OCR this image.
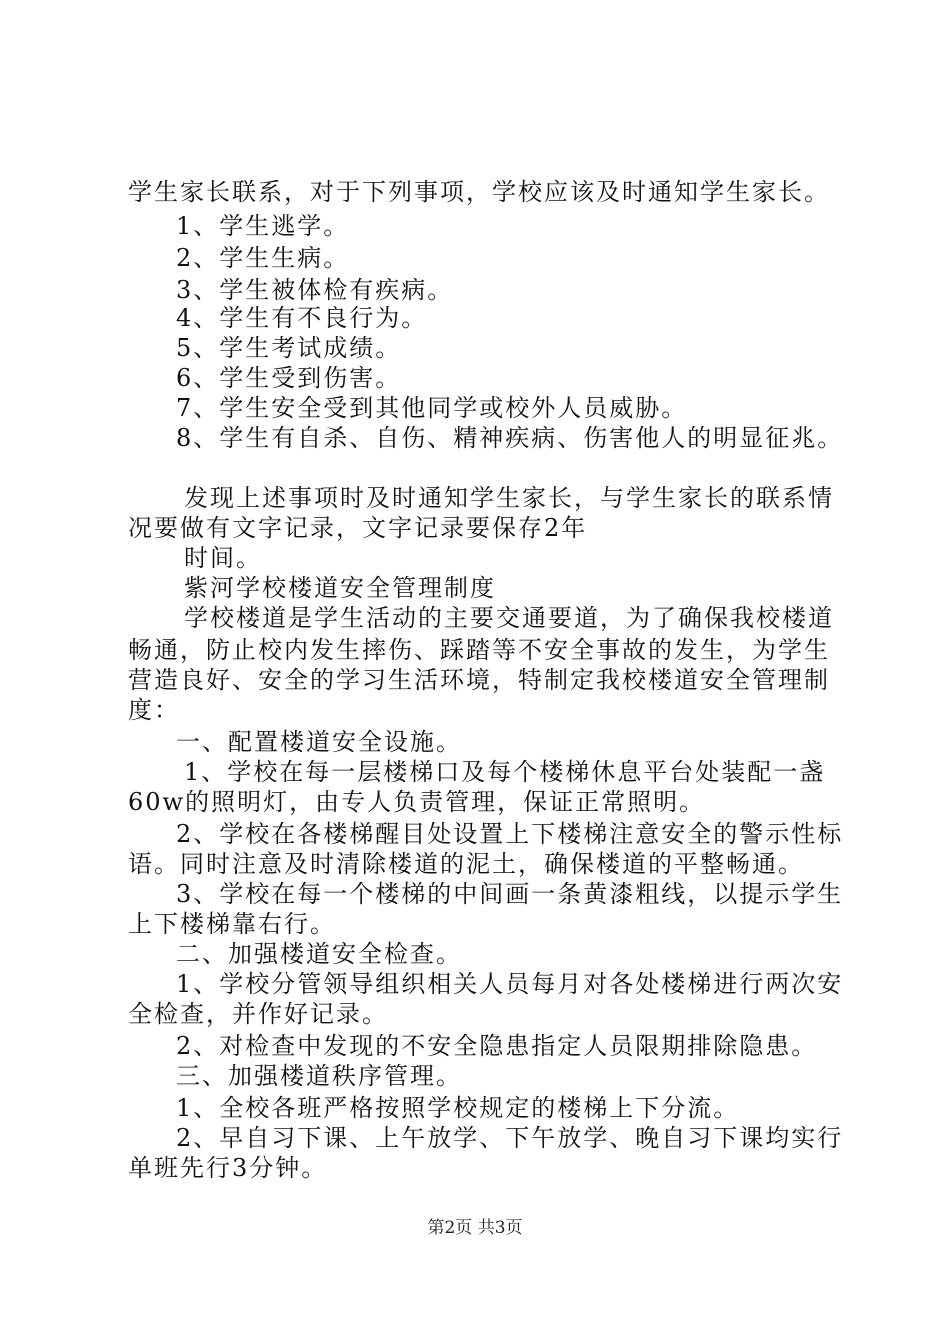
学生家长联系，对于下列事项，学校应该及时通知学生家长。
1、学生逃学。
2、学生生病。
3、学生被体检有疾病。
4、学生有不良行为。
5、学生考试成绩。
6、学生受到伤害。
7、学生安全受到其他同学或校外人员威胁。
8、学生有自杀、自伤、精神疾病、伤害他人的明显征兆。
发现上述事项时及时通知学生家长，与学生家长的联系情
况要做有文字记录，文字记录要保存2年
时间。
紫河学校楼道安全管理制度
学校楼道是学生活动的主要交通要道，为了确保我校楼道
畅通，防止校内发生摔伤、踩踏等不安全事故的发生，为学生
营造良好、安全的学习生活环境，特制定我校楼道安全管理制
度：
一、配置楼道安全设施。
1、学校在每一层楼梯口及每个楼梯休息平台处装配一盏
60w的照明灯，由专人负责管理，保证正常照明。
2、学校在各楼梯醒目处设置上下楼梯注意安全的警示性标
语。同时注意及时清除楼道的泥土，确保楼道的平整畅通。
3、学校在每一个楼梯的中间画一条黄漆粗线，以提示学生
上下楼梯靠右行。
二、加强楼道安全检查。
1、学校分管领导组织相关人员每月对各处楼梯进行两次安
全检查，并作好记录。
2、对检查中发现的不安全隐患指定人员限期排除隐患。
三、加强楼道秩序管理。
1、全校各班严格按照学校规定的楼梯上下分流。
2、早自习下课、上午放学、下午放学、晚自习下课均实行
单班先行3分钟。
第2页 共3页
